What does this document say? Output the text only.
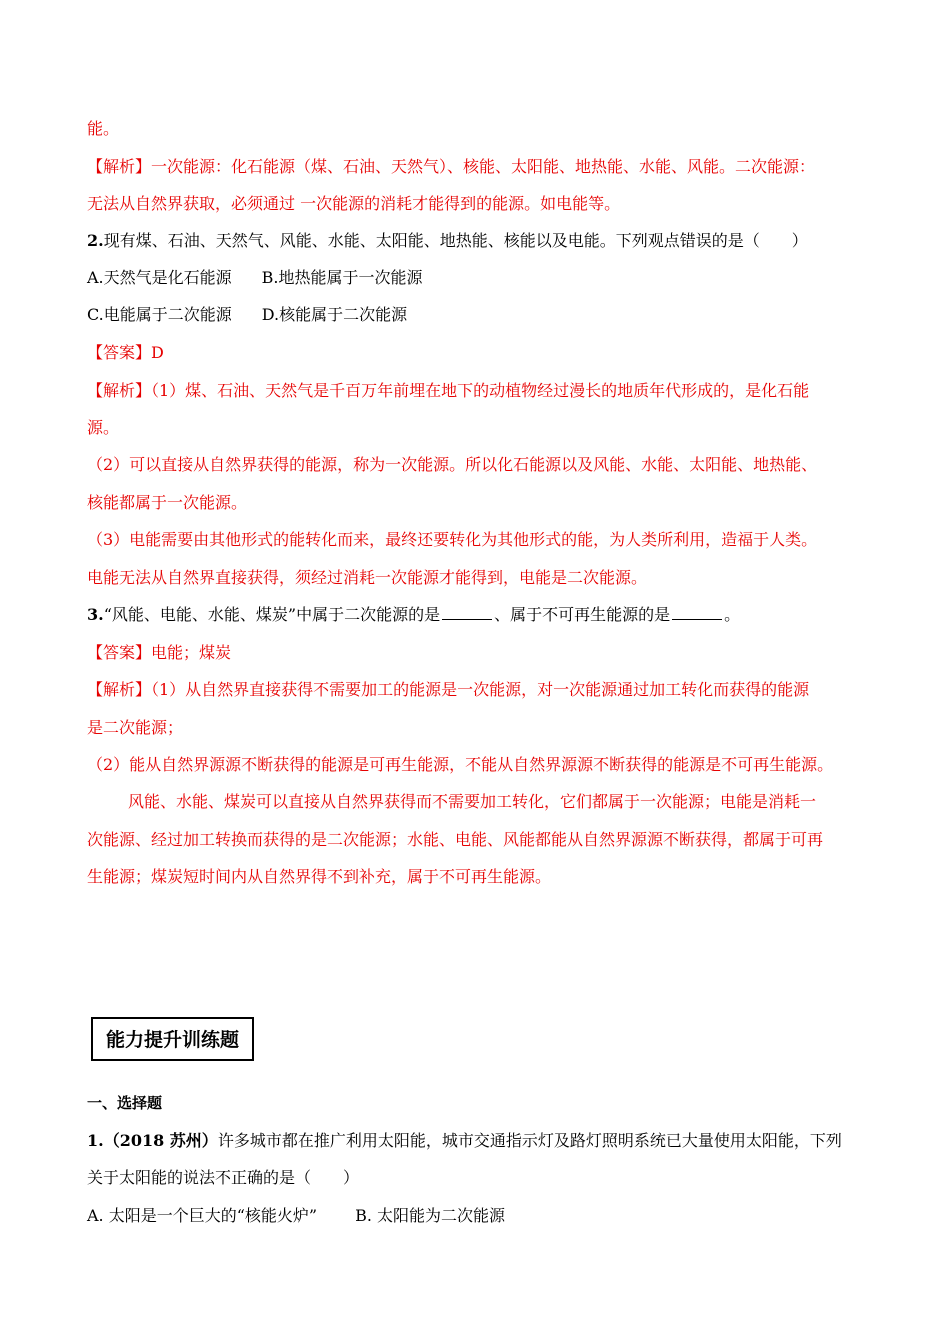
能。
【解析】一次能源：化石能源（煤、石油、天然气）、核能、太阳能、地热能、水能、风能。二次能源：
无法从自然界获取，必须通过 一次能源的消耗才能得到的能源。如电能等。
2.现有煤、石油、天然气、风能、水能、太阳能、地热能、核能以及电能。下列观点错误的是（　　）
A.天然气是化石能源 B.地热能属于一次能源
C.电能属于二次能源 D.核能属于二次能源
【答案】D
【解析】（1）煤、石油、天然气是千百万年前埋在地下的动植物经过漫长的地质年代形成的，是化石能
源。
（2）可以直接从自然界获得的能源，称为一次能源。所以化石能源以及风能、水能、太阳能、地热能、
核能都属于一次能源。
（3）电能需要由其他形式的能转化而来，最终还要转化为其他形式的能，为人类所利用，造福于人类。
电能无法从自然界直接获得，须经过消耗一次能源才能得到，电能是二次能源。
3.“风能、电能、水能、煤炭”中属于二次能源的是	、属于不可再生能源的是	。
【答案】电能；煤炭
【解析】（1）从自然界直接获得不需要加工的能源是一次能源，对一次能源通过加工转化而获得的能源
是二次能源；
（2）能从自然界源源不断获得的能源是可再生能源，不能从自然界源源不断获得的能源是不可再生能源。
风能、水能、煤炭可以直接从自然界获得而不需要加工转化，它们都属于一次能源；电能是消耗一
次能源、经过加工转换而获得的是二次能源；水能、电能、风能都能从自然界源源不断获得，都属于可再
生能源；煤炭短时间内从自然界得不到补充，属于不可再生能源。
能力提升训练题
一、选择题
1.（2018 苏州）许多城市都在推广利用太阳能，城市交通指示灯及路灯照明系统已大量使用太阳能，下列
关于太阳能的说法不正确的是（　　）
A. 太阳是一个巨大的“核能火炉” B. 太阳能为二次能源
